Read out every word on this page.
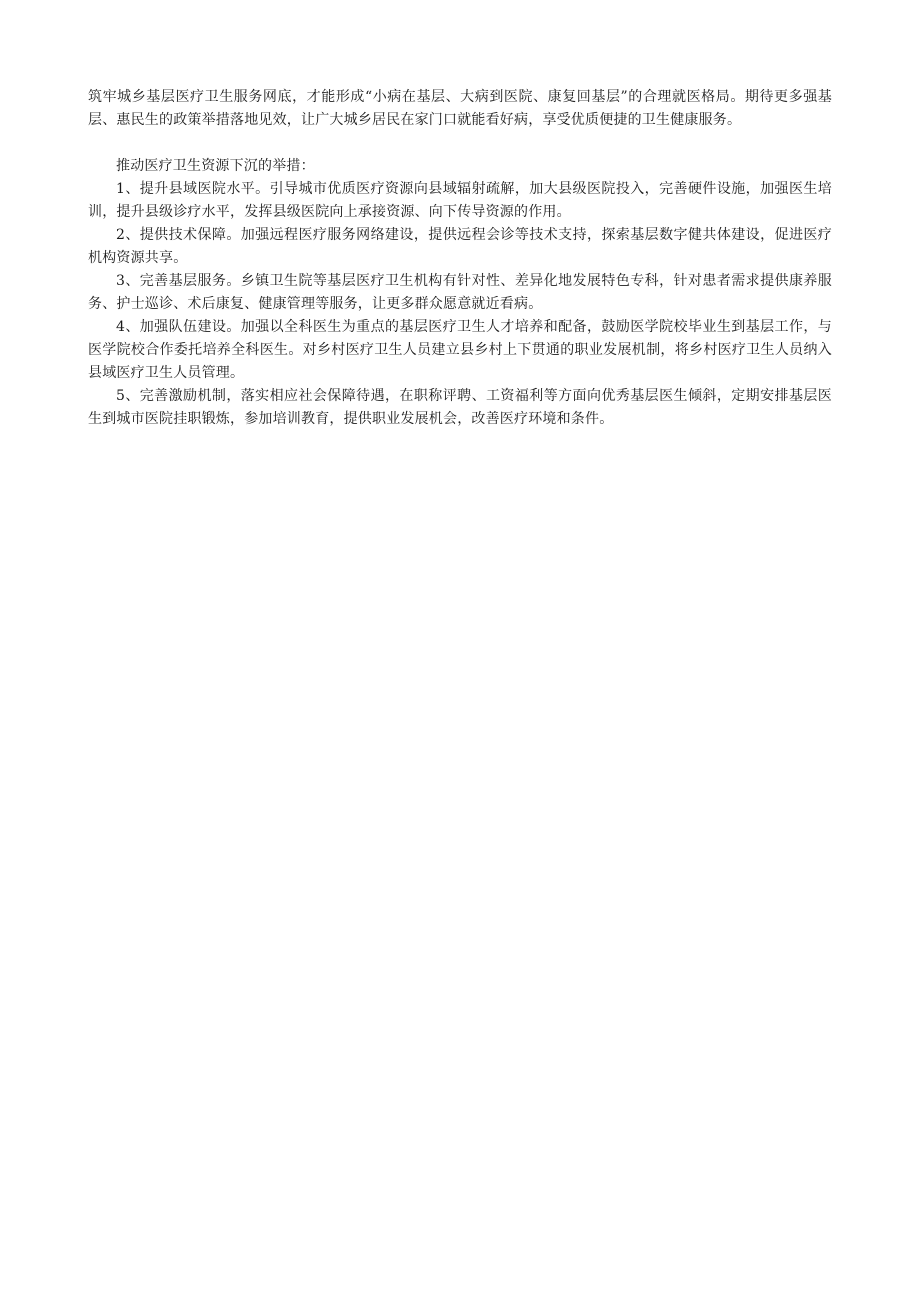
筑牢城乡基层医疗卫生服务网底，才能形成“小病在基层、大病到医院、康复回基层”的合理就医格局。期待更多强基层、惠民生的政策举措落地见效，让广大城乡居民在家门口就能看好病，享受优质便捷的卫生健康服务。

推动医疗卫生资源下沉的举措：

1、提升县域医院水平。引导城市优质医疗资源向县域辐射疏解，加大县级医院投入，完善硬件设施，加强医生培训，提升县级诊疗水平，发挥县级医院向上承接资源、向下传导资源的作用。

2、提供技术保障。加强远程医疗服务网络建设，提供远程会诊等技术支持，探索基层数字健共体建设，促进医疗机构资源共享。

3、完善基层服务。乡镇卫生院等基层医疗卫生机构有针对性、差异化地发展特色专科，针对患者需求提供康养服务、护士巡诊、术后康复、健康管理等服务，让更多群众愿意就近看病。

4、加强队伍建设。加强以全科医生为重点的基层医疗卫生人才培养和配备，鼓励医学院校毕业生到基层工作，与医学院校合作委托培养全科医生。对乡村医疗卫生人员建立县乡村上下贯通的职业发展机制，将乡村医疗卫生人员纳入县域医疗卫生人员管理。

5、完善激励机制，落实相应社会保障待遇，在职称评聘、工资福利等方面向优秀基层医生倾斜，定期安排基层医生到城市医院挂职锻炼，参加培训教育，提供职业发展机会，改善医疗环境和条件。
